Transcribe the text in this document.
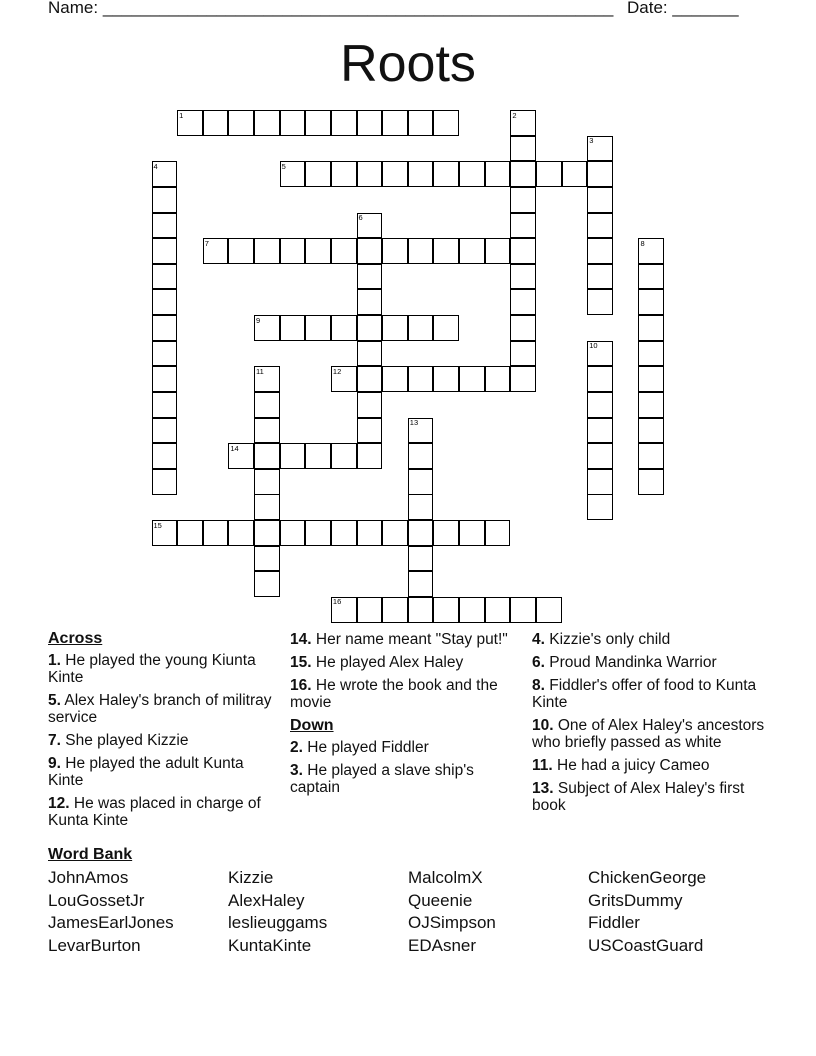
Name: ______________________________________________________ Date: _______
Roots
1	2
3
4	5
6
7	8
9
10
11	12
13
14
15
16
Across
1. He played the young Kiunta Kinte
5. Alex Haley's branch of militray service
7. She played Kizzie
9. He played the adult Kunta Kinte
12. He was placed in charge of Kunta Kinte
14. Her name meant "Stay put!"
15. He played Alex Haley
16. He wrote the book and the movie
Down
2. He played Fiddler
3. He played a slave ship's captain
4. Kizzie's only child
6. Proud Mandinka Warrior
8. Fiddler's offer of food to Kunta Kinte
10. One of Alex Haley's ancestors who briefly passed as white
11. He had a juicy Cameo
13. Subject of Alex Haley's first book
Word Bank
JohnAmos
LouGossetJr
JamesEarlJones
LevarBurton
Kizzie
AlexHaley
leslieuggams
KuntaKinte
MalcolmX
Queenie
OJSimpson
EDAsner
ChickenGeorge
GritsDummy
Fiddler
USCoastGuard
